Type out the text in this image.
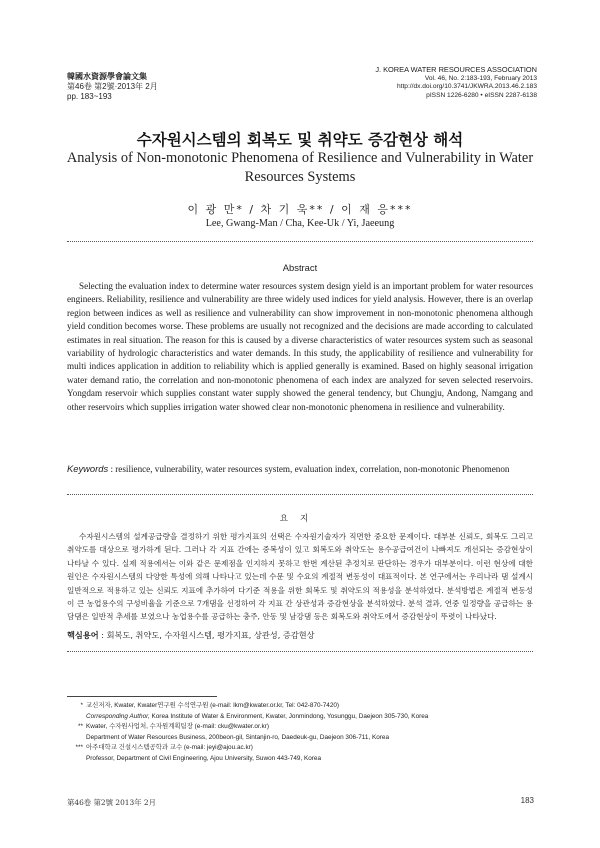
韓國水資源學會論文集
第46卷 第2號·2013年 2月
pp. 183~193
J. KOREA WATER RESOURCES ASSOCIATION
Vol. 46, No. 2:183-193, February 2013
http://dx.doi.org/10.3741/JKWRA.2013.46.2.183
pISSN 1226-6280 • eISSN 2287-6138
수자원시스템의 회복도 및 취약도 증감현상 해석
Analysis of Non-monotonic Phenomena of Resilience and Vulnerability in Water Resources Systems
이 광 만* / 차 기 욱** / 이 재 응***
Lee, Gwang-Man / Cha, Kee-Uk / Yi, Jaeeung
Abstract

Selecting the evaluation index to determine water resources system design yield is an important problem for water resources engineers. Reliability, resilience and vulnerability are three widely used indices for yield analysis. However, there is an overlap region between indices as well as resilience and vulnerability can show improvement in non-monotonic phenomena although yield condition becomes worse. These problems are usually not recognized and the decisions are made according to calculated estimates in real situation. The reason for this is caused by a diverse characteristics of water resources system such as seasonal variability of hydrologic characteristics and water demands. In this study, the applicability of resilience and vulnerability for multi indices application in addition to reliability which is applied generally is examined. Based on highly seasonal irrigation water demand ratio, the correlation and non-monotonic phenomena of each index are analyzed for seven selected reservoirs. Yongdam reservoir which supplies constant water supply showed the general tendency, but Chungju, Andong, Namgang and other reservoirs which supplies irrigation water showed clear non-monotonic phenomena in resilience and vulnerability.

Keywords : resilience, vulnerability, water resources system, evaluation index, correlation, non-monotonic Phenomenon
요지

수자원시스템의 설계공급량을 결정하기 위한 평가지표의 선택은 수자원기술자가 직면한 중요한 문제이다. 대부분 신뢰도, 회복도 그리고 취약도를 대상으로 평가하게 된다. 그러나 각 지표 간에는 중복성이 있고 회복도와 취약도는 용수공급여건이 나빠져도 개선되는 증감현상이 나타날 수 있다. 실제 적용에서는 이와 같은 문제점을 인지하지 못하고 한번 계산된 추정치로 판단하는 경우가 대부분이다. 이런 현상에 대한 원인은 수자원시스템의 다양한 특성에 의해 나타나고 있는데 수문 및 수요의 계절적 변동성이 대표적이다. 본 연구에서는 우리나라 댐 설계시 일반적으로 적용하고 있는 신뢰도 지표에 추가하여 다기준 적용을 위한 회복도 및 취약도의 적용성을 분석하였다. 분석방법은 계절적 변동성이 큰 농업용수의 구성비율을 기준으로 7개댐을 선정하여 각 지표 간 상관성과 증감현상을 분석하였다. 분석 결과, 연중 일정량을 공급하는 용담댐은 일반적 추세를 보였으나 농업용수를 공급하는 충주, 안동 및 남강댐 등은 회복도와 취약도에서 증감현상이 뚜렷이 나타났다.

핵심용어 : 회복도, 취약도, 수자원시스템, 평가지표, 상관성, 증감현상
* 교신저자, Kwater, Kwater연구원 수석연구원 (e-mail: lkm@kwater.or.kr, Tel: 042-870-7420)
Corresponding Author, Korea Institute of Water & Environment, Kwater, Jonmindong, Yosunggu, Daejeon 305-730, Korea
** Kwater, 수자원사업처, 수자원계획팀장 (e-mail: cku@kwater.or.kr)
Department of Water Resources Business, 200beon-gil, Sintanjin-ro, Daedeuk-gu, Daejeon 306-711, Korea
*** 아주대학교 건설시스템공학과 교수 (e-mail: jeyi@ajou.ac.kr)
Professor, Department of Civil Engineering, Ajou University, Suwon 443-749, Korea
第46卷 第2號 2013年 2月	183
